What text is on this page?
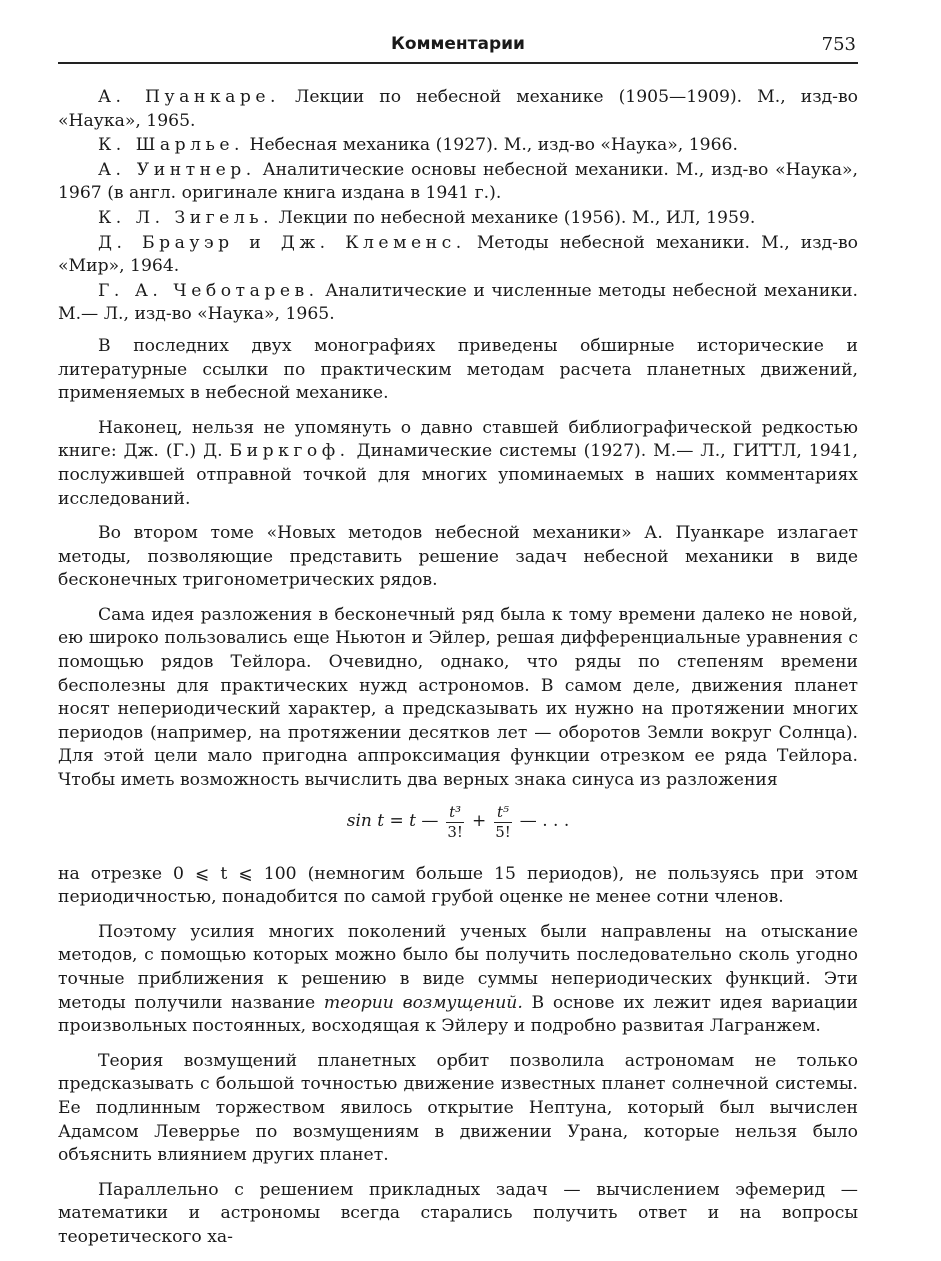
Комментарии	753

А. Пуанкаре. Лекции по небесной механике (1905—1909). М., изд-во «Наука», 1965.

К. Шарлье. Небесная механика (1927). М., изд-во «Наука», 1966.

А. Уинтнер. Аналитические основы небесной механики. М., изд-во «Наука», 1967 (в англ. оригинале книга издана в 1941 г.).

К. Л. Зигель. Лекции по небесной механике (1956). М., ИЛ, 1959.

Д. Брауэр и Дж. Клеменс. Методы небесной механики. М., изд-во «Мир», 1964.

Г. А. Чеботарев. Аналитические и численные методы небесной механики. М.— Л., изд-во «Наука», 1965.

В последних двух монографиях приведены обширные исторические и литературные ссылки по практическим методам расчета планетных движений, применяемых в небесной механике.

Наконец, нельзя не упомянуть о давно ставшей библиографической редкостью книге: Дж. (Г.) Д. Биркгоф. Динамические системы (1927). М.— Л., ГИТТЛ, 1941, послужившей отправной точкой для многих упоминаемых в наших комментариях исследований.

Во втором томе «Новых методов небесной механики» А. Пуанкаре излагает методы, позволяющие представить решение задач небесной механики в виде бесконечных тригонометрических рядов.

Сама идея разложения в бесконечный ряд была к тому времени далеко не новой, ею широко пользовались еще Ньютон и Эйлер, решая дифференциальные уравнения с помощью рядов Тейлора. Очевидно, однако, что ряды по степеням времени бесполезны для практических нужд астрономов. В самом деле, движения планет носят непериодический характер, а предсказывать их нужно на протяжении многих периодов (например, на протяжении десятков лет — оборотов Земли вокруг Солнца). Для этой цели мало пригодна аппроксимация функции отрезком ее ряда Тейлора. Чтобы иметь возможность вычислить два верных знака синуса из разложения

sin t = t — $\frac{\text{t³}}{3!} + \frac{\text{t⁵}}{5!}$ — . . .

на отрезке 0 ⩽ t ⩽ 100 (немногим больше 15 периодов), не пользуясь при этом периодичностью, понадобится по самой грубой оценке не менее сотни членов.

Поэтому усилия многих поколений ученых были направлены на отыскание методов, с помощью которых можно было бы получить последовательно сколь угодно точные приближения к решению в виде суммы непериодических функций. Эти методы получили название теории возмущений. В основе их лежит идея вариации произвольных постоянных, восходящая к Эйлеру и подробно развитая Лагранжем.

Теория возмущений планетных орбит позволила астрономам не только предсказывать с большой точностью движение известных планет солнечной системы. Ее подлинным торжеством явилось открытие Нептуна, который был вычислен Адамсом Леверрье по возмущениям в движении Урана, которые нельзя было объяснить влиянием других планет.

Параллельно с решением прикладных задач — вычислением эфемерид — математики и астрономы всегда старались получить ответ и на вопросы теоретического ха-
